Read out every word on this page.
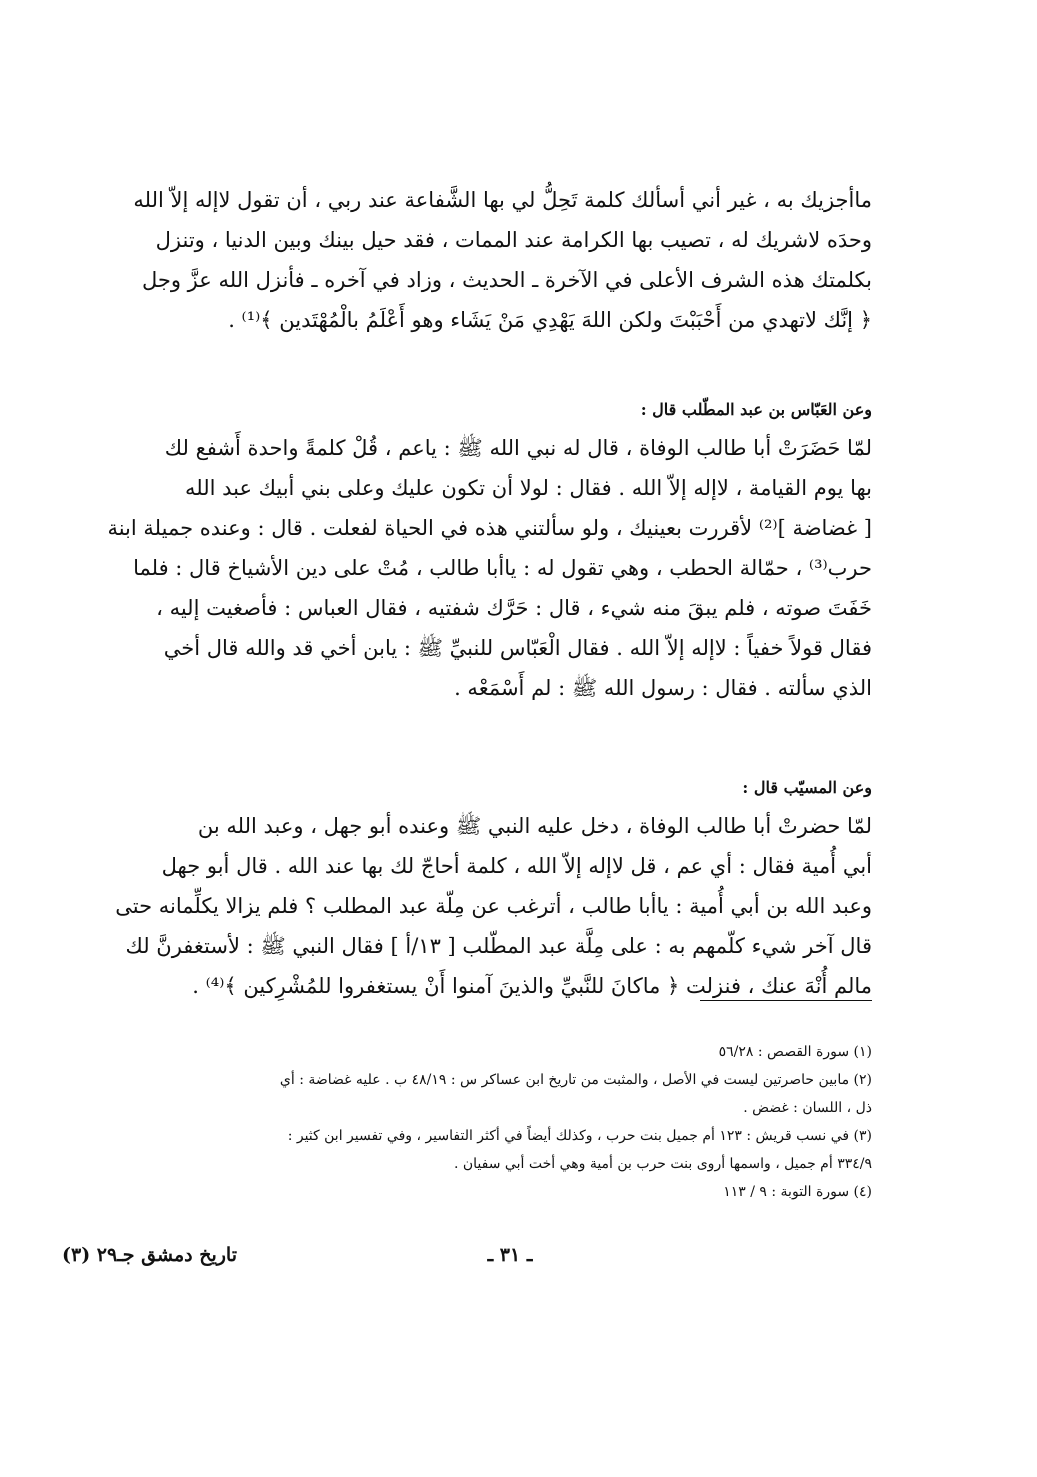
ماأجزيك به ، غير أني أسألك كلمة تَحِلُّ لي بها الشَّفاعة عند ربي ، أن تقول لاإله إلاّ الله
وحدَه لاشريك له ، تصيب بها الكرامة عند الممات ، فقد حيل بينك وبين الدنيا ، وتنزل
بكلمتك هذه الشرف الأعلى في الآخرة ـ الحديث ، وزاد في آخره ـ فأنزل الله عزَّ وجل
﴿ إنَّك لاتهدي من أَحْبَبْتَ ولكن اللهَ يَهْدِي مَنْ يَشَاء وهو أَعْلَمُ بالْمُهْتَدين ﴾⁽¹⁾ .
وعن العَبّاس بن عبد المطّلب قال :
لمّا حَضَرَتْ أبا طالب الوفاة ، قال له نبي الله ﷺ : ياعم ، قُلْ كلمةً واحدة أَشفع لك
بها يوم القيامة ، لاإله إلاّ الله . فقال : لولا أن تكون عليك وعلى بني أبيك عبد الله
[ غضاضة ]⁽²⁾ لأقررت بعينيك ، ولو سألتني هذه في الحياة لفعلت . قال : وعنده جميلة ابنة
حرب⁽³⁾ ، حمّالة الحطب ، وهي تقول له : ياأبا طالب ، مُتْ على دين الأشياخ قال : فلما
خَفَتَ صوته ، فلم يبقَ منه شيء ، قال : حَرَّك شفتيه ، فقال العباس : فأصغيت إليه ،
فقال قولاً خفياً : لاإله إلاّ الله . فقال الْعَبّاس للنبيِّ ﷺ : يابن أخي قد والله قال أخي
الذي سألته . فقال : رسول الله ﷺ : لم أَسْمَعْه .
وعن المسيّب قال :
لمّا حضرتْ أبا طالب الوفاة ، دخل عليه النبي ﷺ وعنده أبو جهل ، وعبد الله بن
أبي أُمية فقال : أي عم ، قل لاإله إلاّ الله ، كلمة أحاجّ لك بها عند الله . قال أبو جهل
وعبد الله بن أبي أُمية : ياأبا طالب ، أترغب عن مِلّة عبد المطلب ؟ فلم يزالا يكلِّمانه حتى
قال آخر شيء كلّمهم به : على مِلَّة عبد المطّلب [ ١٣/أ ] فقال النبي ﷺ : لأستغفرنَّ لك
مالم أُنْهَ عنك ، فنزلت ﴿ ماكانَ للنَّبيِّ والذينَ آمنوا أَنْ يستغفروا للمُشْرِكين ﴾⁽⁴⁾ .
(١) سورة القصص : ٥٦/٢٨
(٢) مابين حاصرتين ليست في الأصل ، والمثبت من تاريخ ابن عساكر س : ٤٨/١٩ ب . عليه غضاضة : أي
ذل ، اللسان : غضض .
(٣) في نسب قريش : ١٢٣ أم جميل بنت حرب ، وكذلك أيضاً في أكثر التفاسير ، وفي تفسير ابن كثير :
٣٣٤/٩ أم جميل ، واسمها أروى بنت حرب بن أمية وهي أخت أبي سفيان .
(٤) سورة التوبة : ٩ / ١١٣
ـ ٣١ ـ
تاريخ دمشق جـ٢٩ (٣)
